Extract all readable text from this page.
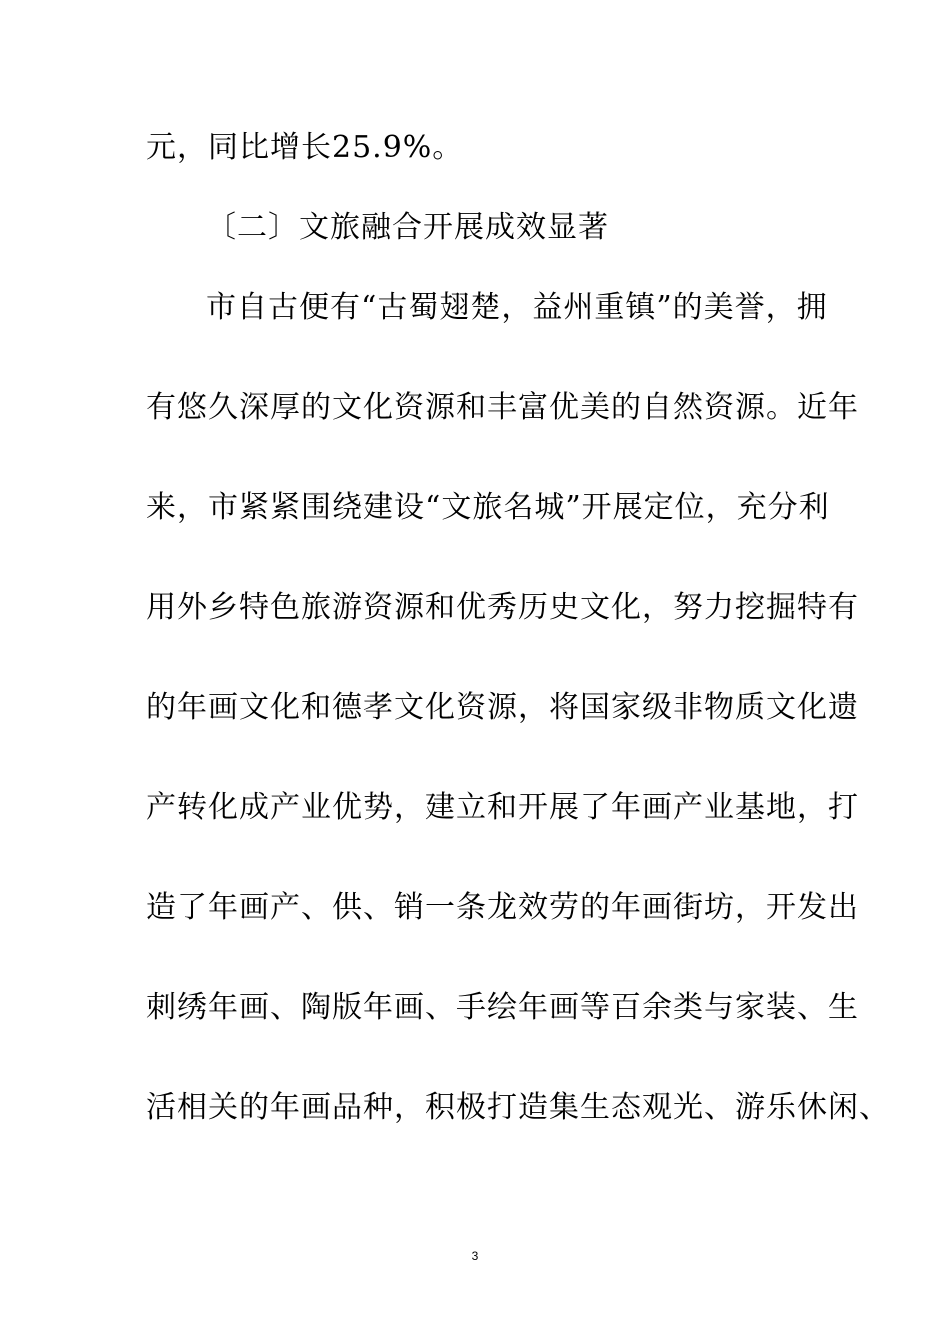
元，同比增长25.9%。
〔二〕文旅融合开展成效显著
市自古便有“古蜀翅楚，益州重镇”的美誉，拥
有悠久深厚的文化资源和丰富优美的自然资源。近年
来，市紧紧围绕建设“文旅名城”开展定位，充分利
用外乡特色旅游资源和优秀历史文化，努力挖掘特有
的年画文化和德孝文化资源，将国家级非物质文化遗
产转化成产业优势，建立和开展了年画产业基地，打
造了年画产、供、销一条龙效劳的年画街坊，开发出
刺绣年画、陶版年画、手绘年画等百余类与家装、生
活相关的年画品种，积极打造集生态观光、游乐休闲、
3
